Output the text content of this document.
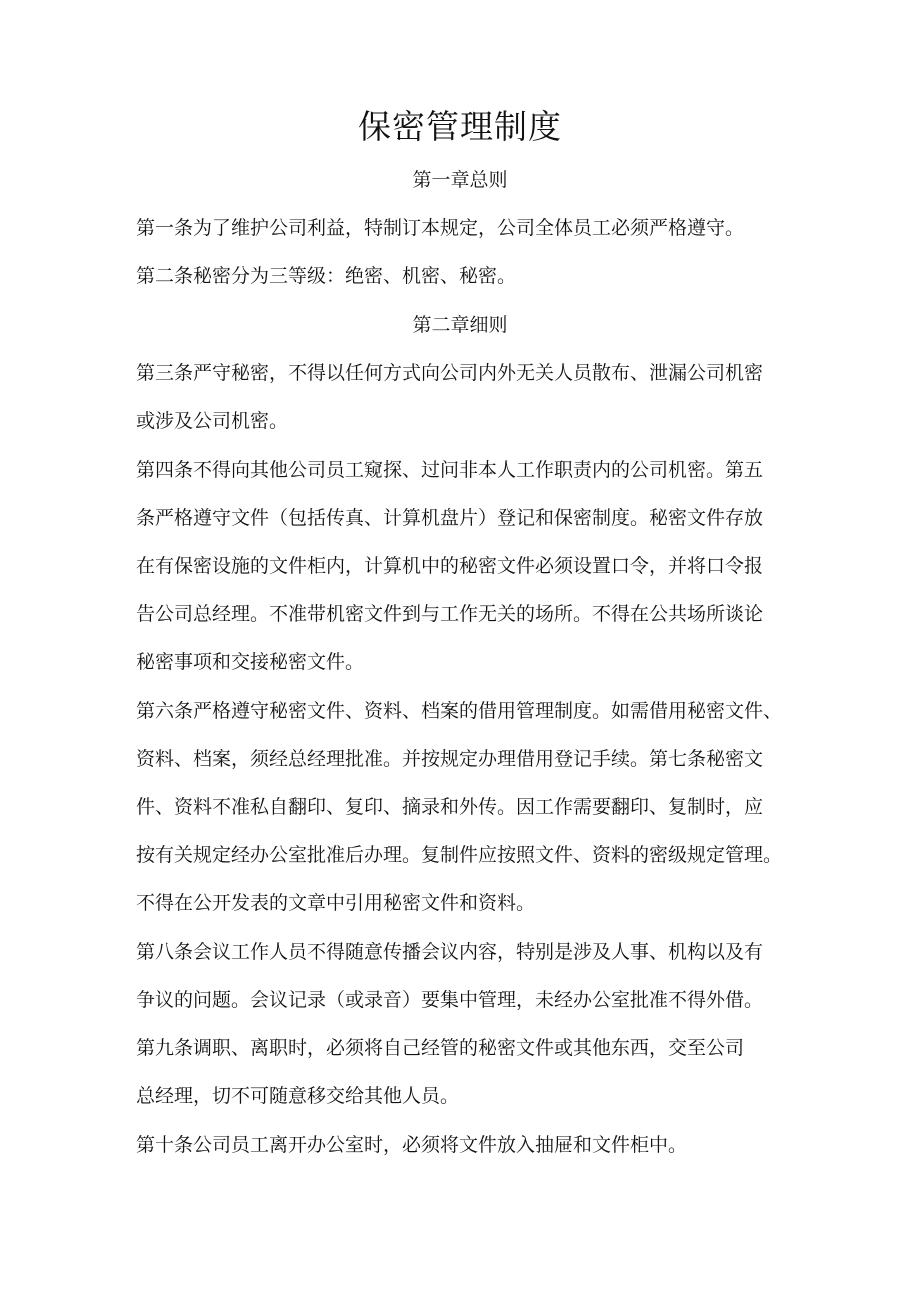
保密管理制度
第一章总则
第一条为了维护公司利益，特制订本规定，公司全体员工必须严格遵守。
第二条秘密分为三等级：绝密、机密、秘密。
第二章细则
第三条严守秘密，不得以任何方式向公司内外无关人员散布、泄漏公司机密
或涉及公司机密。
第四条不得向其他公司员工窥探、过问非本人工作职责内的公司机密。第五
条严格遵守文件（包括传真、计算机盘片）登记和保密制度。秘密文件存放
在有保密设施的文件柜内，计算机中的秘密文件必须设置口令，并将口令报
告公司总经理。不准带机密文件到与工作无关的场所。不得在公共场所谈论
秘密事项和交接秘密文件。
第六条严格遵守秘密文件、资料、档案的借用管理制度。如需借用秘密文件、
资料、档案，须经总经理批准。并按规定办理借用登记手续。第七条秘密文
件、资料不准私自翻印、复印、摘录和外传。因工作需要翻印、复制时，应
按有关规定经办公室批准后办理。复制件应按照文件、资料的密级规定管理。
不得在公开发表的文章中引用秘密文件和资料。
第八条会议工作人员不得随意传播会议内容，特别是涉及人事、机构以及有
争议的问题。会议记录（或录音）要集中管理，未经办公室批准不得外借。
第九条调职、离职时，必须将自己经管的秘密文件或其他东西，交至公司
总经理，切不可随意移交给其他人员。
第十条公司员工离开办公室时，必须将文件放入抽屉和文件柜中。
